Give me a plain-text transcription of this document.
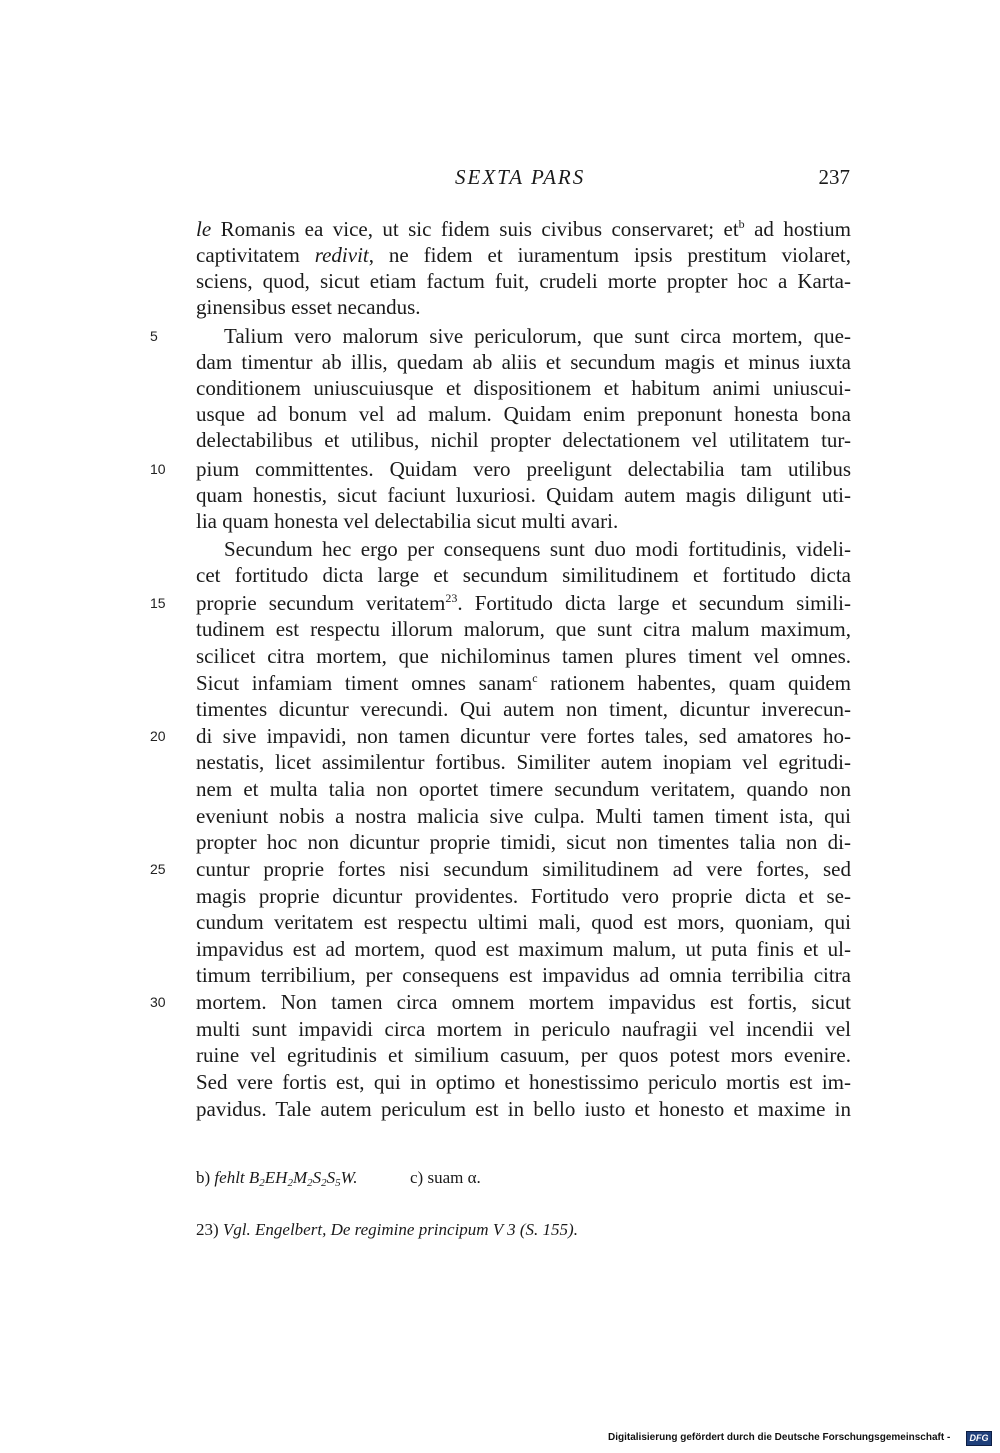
SEXTA PARS	237
le Romanis ea vice, ut sic fidem suis civibus conservaret; $et^b$ ad hostium
captivitatem redivit, ne fidem et iuramentum ipsis prestitum violaret,
sciens, quod, sicut etiam factum fuit, crudeli morte propter hoc a Karta-
ginensibus esset necandus.
Talium vero malorum sive periculorum, que sunt circa mortem, que-
dam timentur ab illis, quedam ab aliis et secundum magis et minus iuxta
conditionem uniuscuiusque et dispositionem et habitum animi uniuscui-
usque ad bonum vel ad malum. Quidam enim preponunt honesta bona
delectabilibus et utilibus, nichil propter delectationem vel utilitatem tur-
pium committentes. Quidam vero preeligunt delectabilia tam utilibus
quam honestis, sicut faciunt luxuriosi. Quidam autem magis diligunt uti-
lia quam honesta vel delectabilia sicut multi avari.
Secundum hec ergo per consequens sunt duo modi fortitudinis, videli-
cet fortitudo dicta large et secundum similitudinem et fortitudo dicta
proprie secundum veritatem$^{23}$. Fortitudo dicta large et secundum simili-
tudinem est respectu illorum malorum, que sunt citra malum maximum,
scilicet citra mortem, que nichilominus tamen plures timent vel omnes.
Sicut infamiam timent omnes sanam$^c$ rationem habentes, quam quidem
timentes dicuntur verecundi. Qui autem non timent, dicuntur inverecun-
di sive impavidi, non tamen dicuntur vere fortes tales, sed amatores ho-
nestatis, licet assimilentur fortibus. Similiter autem inopiam vel egritudi-
nem et multa talia non oportet timere secundum veritatem, quando non
eveniunt nobis a nostra malicia sive culpa. Multi tamen timent ista, qui
propter hoc non dicuntur proprie timidi, sicut non timentes talia non di-
cuntur proprie fortes nisi secundum similitudinem ad vere fortes, sed
magis proprie dicuntur providentes. Fortitudo vero proprie dicta et se-
cundum veritatem est respectu ultimi mali, quod est mors, quoniam, qui
impavidus est ad mortem, quod est maximum malum, ut puta finis et ul-
timum terribilium, per consequens est impavidus ad omnia terribilia citra
mortem. Non tamen circa omnem mortem impavidus est fortis, sicut
multi sunt impavidi circa mortem in periculo naufragii vel incendii vel
ruine vel egritudinis et similium casuum, per quos potest mors evenire.
Sed vere fortis est, qui in optimo et honestissimo periculo mortis est im-
pavidus. Tale autem periculum est in bello iusto et honesto et maxime in
5
10
15
20
25
30
b) fehlt $B_2EH_2M_2S_2S_5W$.	c) suam α.
23) Vgl. Engelbert, De regimine principum V 3 (S. 155).
Digitalisierung gefördert durch die Deutsche Forschungsgemeinschaft -	DFG
